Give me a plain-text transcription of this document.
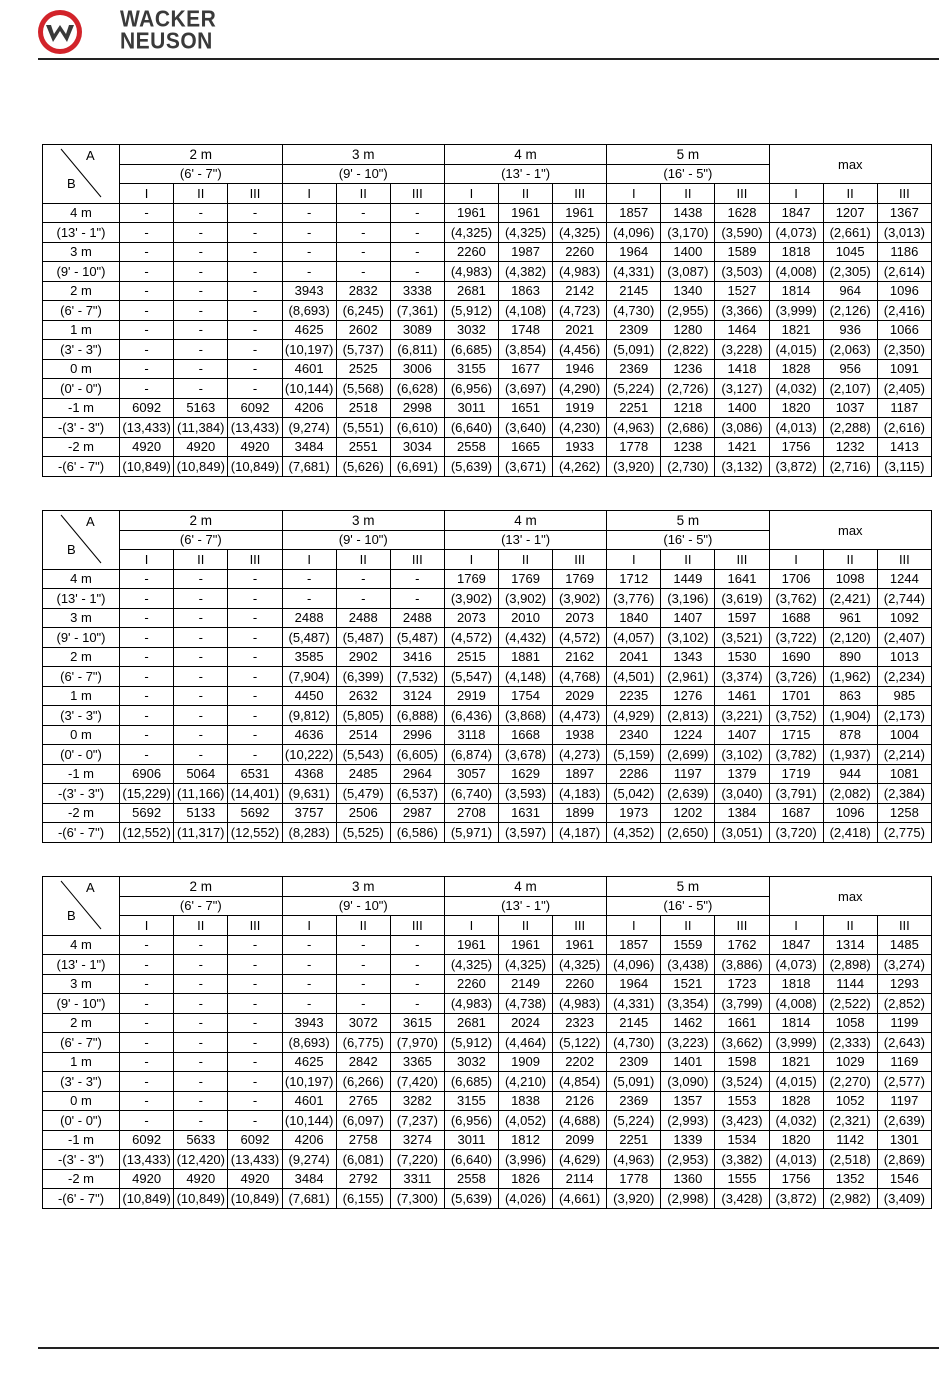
WACKER
NEUSON
A
B	2 m			3 m			4 m			5 m			max		
	(6' - 7")			(9' - 10")			(13' - 1")			(16' - 5")					
	I	II	III	I	II	III	I	II	III	I	II	III	I	II	III
4 m	-	-	-	-	-	-	1961	1961	1961	1857	1438	1628	1847	1207	1367
(13' - 1")	-	-	-	-	-	-	(4,325)	(4,325)	(4,325)	(4,096)	(3,170)	(3,590)	(4,073)	(2,661)	(3,013)
3 m	-	-	-	-	-	-	2260	1987	2260	1964	1400	1589	1818	1045	1186
(9' - 10")	-	-	-	-	-	-	(4,983)	(4,382)	(4,983)	(4,331)	(3,087)	(3,503)	(4,008)	(2,305)	(2,614)
2 m	-	-	-	3943	2832	3338	2681	1863	2142	2145	1340	1527	1814	964	1096
(6' - 7")	-	-	-	(8,693)	(6,245)	(7,361)	(5,912)	(4,108)	(4,723)	(4,730)	(2,955)	(3,366)	(3,999)	(2,126)	(2,416)
1 m	-	-	-	4625	2602	3089	3032	1748	2021	2309	1280	1464	1821	936	1066
(3' - 3")	-	-	-	(10,197)	(5,737)	(6,811)	(6,685)	(3,854)	(4,456)	(5,091)	(2,822)	(3,228)	(4,015)	(2,063)	(2,350)
0 m	-	-	-	4601	2525	3006	3155	1677	1946	2369	1236	1418	1828	956	1091
(0' - 0")	-	-	-	(10,144)	(5,568)	(6,628)	(6,956)	(3,697)	(4,290)	(5,224)	(2,726)	(3,127)	(4,032)	(2,107)	(2,405)
-1 m	6092	5163	6092	4206	2518	2998	3011	1651	1919	2251	1218	1400	1820	1037	1187
-(3' - 3")	(13,433)	(11,384)	(13,433)	(9,274)	(5,551)	(6,610)	(6,640)	(3,640)	(4,230)	(4,963)	(2,686)	(3,086)	(4,013)	(2,288)	(2,616)
-2 m	4920	4920	4920	3484	2551	3034	2558	1665	1933	1778	1238	1421	1756	1232	1413
-(6' - 7")	(10,849)	(10,849)	(10,849)	(7,681)	(5,626)	(6,691)	(5,639)	(3,671)	(4,262)	(3,920)	(2,730)	(3,132)	(3,872)	(2,716)	(3,115)
A
B	2 m			3 m			4 m			5 m			max		
	(6' - 7")			(9' - 10")			(13' - 1")			(16' - 5")					
	I	II	III	I	II	III	I	II	III	I	II	III	I	II	III
4 m	-	-	-	-	-	-	1769	1769	1769	1712	1449	1641	1706	1098	1244
(13' - 1")	-	-	-	-	-	-	(3,902)	(3,902)	(3,902)	(3,776)	(3,196)	(3,619)	(3,762)	(2,421)	(2,744)
3 m	-	-	-	2488	2488	2488	2073	2010	2073	1840	1407	1597	1688	961	1092
(9' - 10")	-	-	-	(5,487)	(5,487)	(5,487)	(4,572)	(4,432)	(4,572)	(4,057)	(3,102)	(3,521)	(3,722)	(2,120)	(2,407)
2 m	-	-	-	3585	2902	3416	2515	1881	2162	2041	1343	1530	1690	890	1013
(6' - 7")	-	-	-	(7,904)	(6,399)	(7,532)	(5,547)	(4,148)	(4,768)	(4,501)	(2,961)	(3,374)	(3,726)	(1,962)	(2,234)
1 m	-	-	-	4450	2632	3124	2919	1754	2029	2235	1276	1461	1701	863	985
(3' - 3")	-	-	-	(9,812)	(5,805)	(6,888)	(6,436)	(3,868)	(4,473)	(4,929)	(2,813)	(3,221)	(3,752)	(1,904)	(2,173)
0 m	-	-	-	4636	2514	2996	3118	1668	1938	2340	1224	1407	1715	878	1004
(0' - 0")	-	-	-	(10,222)	(5,543)	(6,605)	(6,874)	(3,678)	(4,273)	(5,159)	(2,699)	(3,102)	(3,782)	(1,937)	(2,214)
-1 m	6906	5064	6531	4368	2485	2964	3057	1629	1897	2286	1197	1379	1719	944	1081
-(3' - 3")	(15,229)	(11,166)	(14,401)	(9,631)	(5,479)	(6,537)	(6,740)	(3,593)	(4,183)	(5,042)	(2,639)	(3,040)	(3,791)	(2,082)	(2,384)
-2 m	5692	5133	5692	3757	2506	2987	2708	1631	1899	1973	1202	1384	1687	1096	1258
-(6' - 7")	(12,552)	(11,317)	(12,552)	(8,283)	(5,525)	(6,586)	(5,971)	(3,597)	(4,187)	(4,352)	(2,650)	(3,051)	(3,720)	(2,418)	(2,775)
A
B	2 m			3 m			4 m			5 m			max		
	(6' - 7")			(9' - 10")			(13' - 1")			(16' - 5")					
	I	II	III	I	II	III	I	II	III	I	II	III	I	II	III
4 m	-	-	-	-	-	-	1961	1961	1961	1857	1559	1762	1847	1314	1485
(13' - 1")	-	-	-	-	-	-	(4,325)	(4,325)	(4,325)	(4,096)	(3,438)	(3,886)	(4,073)	(2,898)	(3,274)
3 m	-	-	-	-	-	-	2260	2149	2260	1964	1521	1723	1818	1144	1293
(9' - 10")	-	-	-	-	-	-	(4,983)	(4,738)	(4,983)	(4,331)	(3,354)	(3,799)	(4,008)	(2,522)	(2,852)
2 m	-	-	-	3943	3072	3615	2681	2024	2323	2145	1462	1661	1814	1058	1199
(6' - 7")	-	-	-	(8,693)	(6,775)	(7,970)	(5,912)	(4,464)	(5,122)	(4,730)	(3,223)	(3,662)	(3,999)	(2,333)	(2,643)
1 m	-	-	-	4625	2842	3365	3032	1909	2202	2309	1401	1598	1821	1029	1169
(3' - 3")	-	-	-	(10,197)	(6,266)	(7,420)	(6,685)	(4,210)	(4,854)	(5,091)	(3,090)	(3,524)	(4,015)	(2,270)	(2,577)
0 m	-	-	-	4601	2765	3282	3155	1838	2126	2369	1357	1553	1828	1052	1197
(0' - 0")	-	-	-	(10,144)	(6,097)	(7,237)	(6,956)	(4,052)	(4,688)	(5,224)	(2,993)	(3,423)	(4,032)	(2,321)	(2,639)
-1 m	6092	5633	6092	4206	2758	3274	3011	1812	2099	2251	1339	1534	1820	1142	1301
-(3' - 3")	(13,433)	(12,420)	(13,433)	(9,274)	(6,081)	(7,220)	(6,640)	(3,996)	(4,629)	(4,963)	(2,953)	(3,382)	(4,013)	(2,518)	(2,869)
-2 m	4920	4920	4920	3484	2792	3311	2558	1826	2114	1778	1360	1555	1756	1352	1546
-(6' - 7")	(10,849)	(10,849)	(10,849)	(7,681)	(6,155)	(7,300)	(5,639)	(4,026)	(4,661)	(3,920)	(2,998)	(3,428)	(3,872)	(2,982)	(3,409)
